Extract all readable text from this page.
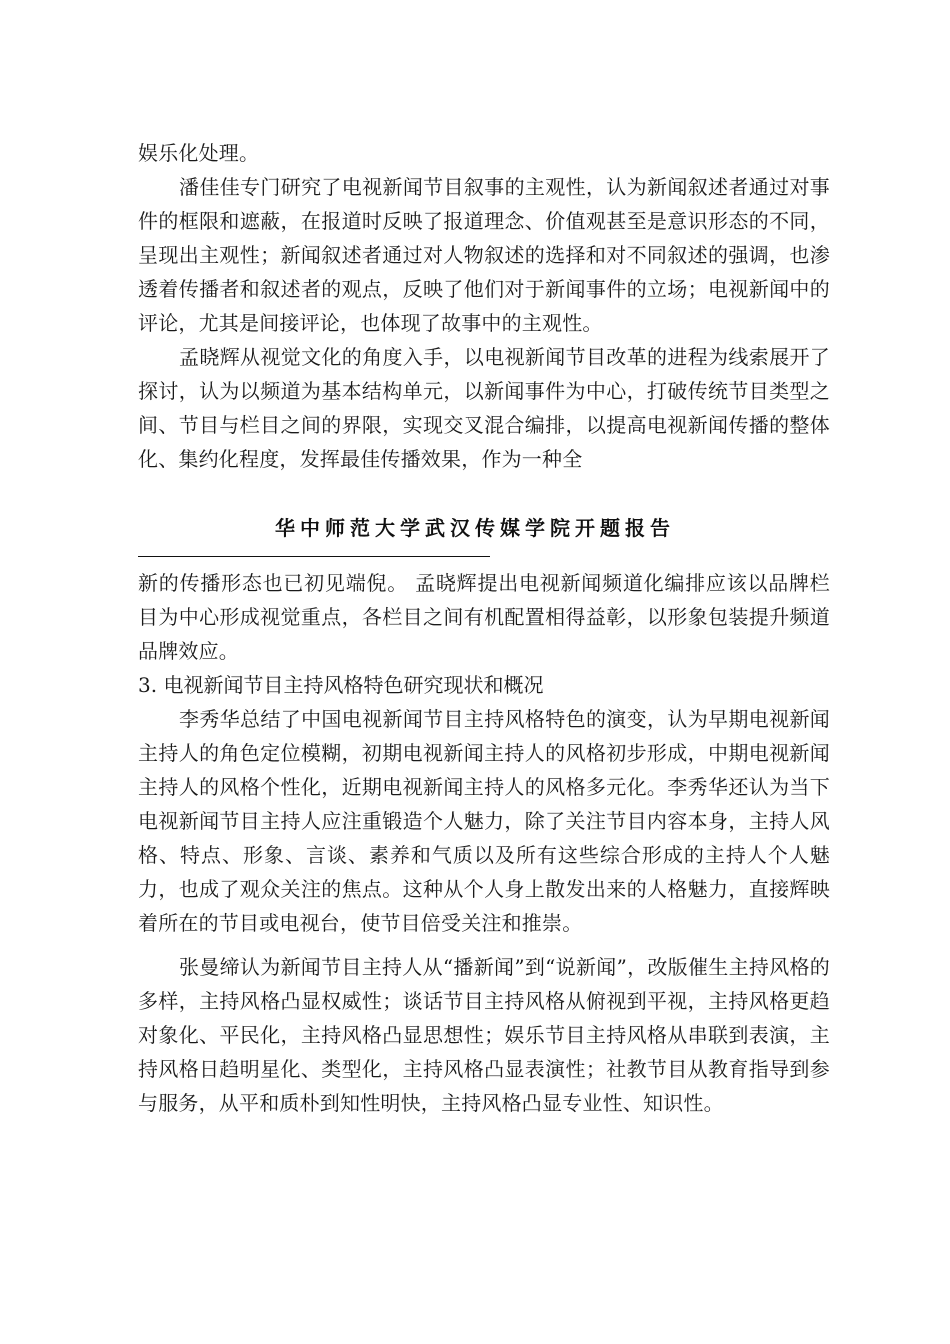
娱乐化处理。

潘佳佳专门研究了电视新闻节目叙事的主观性，认为新闻叙述者通过对事件的框限和遮蔽，在报道时反映了报道理念、价值观甚至是意识形态的不同，呈现出主观性；新闻叙述者通过对人物叙述的选择和对不同叙述的强调，也渗透着传播者和叙述者的观点，反映了他们对于新闻事件的立场；电视新闻中的评论，尤其是间接评论，也体现了故事中的主观性。

孟晓辉从视觉文化的角度入手，以电视新闻节目改革的进程为线索展开了探讨，认为以频道为基本结构单元，以新闻事件为中心，打破传统节目类型之间、节目与栏目之间的界限，实现交叉混合编排，以提高电视新闻传播的整体化、集约化程度，发挥最佳传播效果，作为一种全

华中师范大学武汉传媒学院开题报告

新的传播形态也已初见端倪。 孟晓辉提出电视新闻频道化编排应该以品牌栏目为中心形成视觉重点，各栏目之间有机配置相得益彰，以形象包装提升频道品牌效应。

3. 电视新闻节目主持风格特色研究现状和概况

李秀华总结了中国电视新闻节目主持风格特色的演变，认为早期电视新闻主持人的角色定位模糊，初期电视新闻主持人的风格初步形成，中期电视新闻主持人的风格个性化，近期电视新闻主持人的风格多元化。李秀华还认为当下电视新闻节目主持人应注重锻造个人魅力，除了关注节目内容本身，主持人风格、特点、形象、言谈、素养和气质以及所有这些综合形成的主持人个人魅力，也成了观众关注的焦点。这种从个人身上散发出来的人格魅力，直接辉映着所在的节目或电视台，使节目倍受关注和推崇。

张曼缔认为新闻节目主持人从“播新闻”到“说新闻”，改版催生主持风格的多样，主持风格凸显权威性；谈话节目主持风格从俯视到平视，主持风格更趋对象化、平民化，主持风格凸显思想性；娱乐节目主持风格从串联到表演，主持风格日趋明星化、类型化，主持风格凸显表演性；社教节目从教育指导到参与服务，从平和质朴到知性明快，主持风格凸显专业性、知识性。
